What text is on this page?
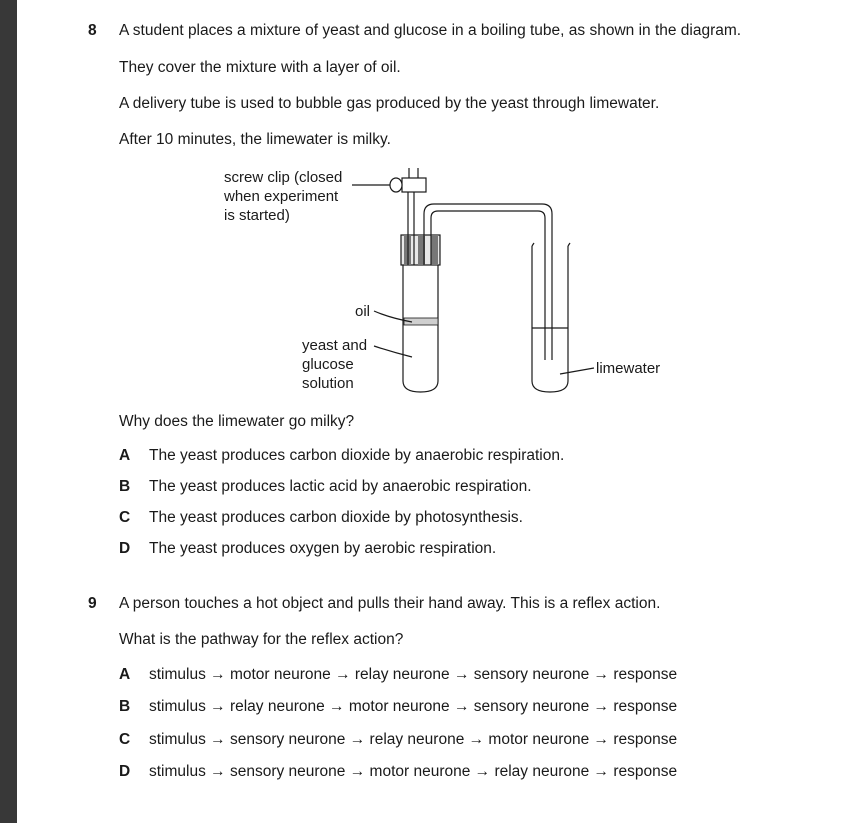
8 A student places a mixture of yeast and glucose in a boiling tube, as shown in the diagram.
They cover the mixture with a layer of oil.
A delivery tube is used to bubble gas produced by the yeast through limewater.
After 10 minutes, the limewater is milky.
screw clip (closed
when experiment
is started)
oil
yeast and
glucose
solution
limewater
Why does the limewater go milky?
A The yeast produces carbon dioxide by anaerobic respiration.
B The yeast produces lactic acid by anaerobic respiration.
C The yeast produces carbon dioxide by photosynthesis.
D The yeast produces oxygen by aerobic respiration.
9 A person touches a hot object and pulls their hand away. This is a reflex action.
What is the pathway for the reflex action?
A stimulus → motor neurone → relay neurone → sensory neurone → response
B stimulus → relay neurone → motor neurone → sensory neurone → response
C stimulus → sensory neurone → relay neurone → motor neurone → response
D stimulus → sensory neurone → motor neurone → relay neurone → response
